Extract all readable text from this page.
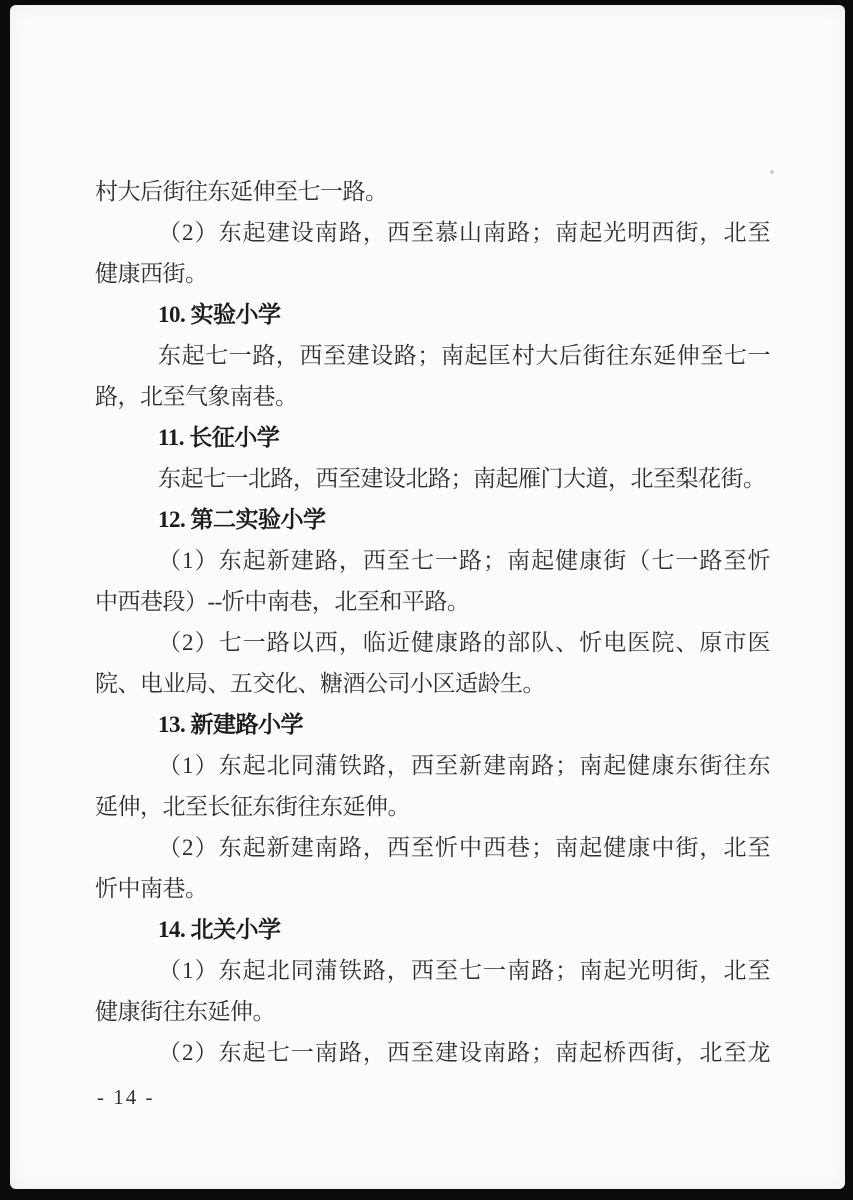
村大后街往东延伸至七一路。
（2）东起建设南路，西至慕山南路；南起光明西街，北至
健康西街。
10. 实验小学
东起七一路，西至建设路；南起匡村大后街往东延伸至七一
路，北至气象南巷。
11. 长征小学
东起七一北路，西至建设北路；南起雁门大道，北至梨花街。
12. 第二实验小学
（1）东起新建路，西至七一路；南起健康街（七一路至忻
中西巷段）--忻中南巷，北至和平路。
（2）七一路以西，临近健康路的部队、忻电医院、原市医
院、电业局、五交化、糖酒公司小区适龄生。
13. 新建路小学
（1）东起北同蒲铁路，西至新建南路；南起健康东街往东
延伸，北至长征东街往东延伸。
（2）东起新建南路，西至忻中西巷；南起健康中街，北至
忻中南巷。
14. 北关小学
（1）东起北同蒲铁路，西至七一南路；南起光明街，北至
健康街往东延伸。
（2）东起七一南路，西至建设南路；南起桥西街，北至龙
- 14 -
